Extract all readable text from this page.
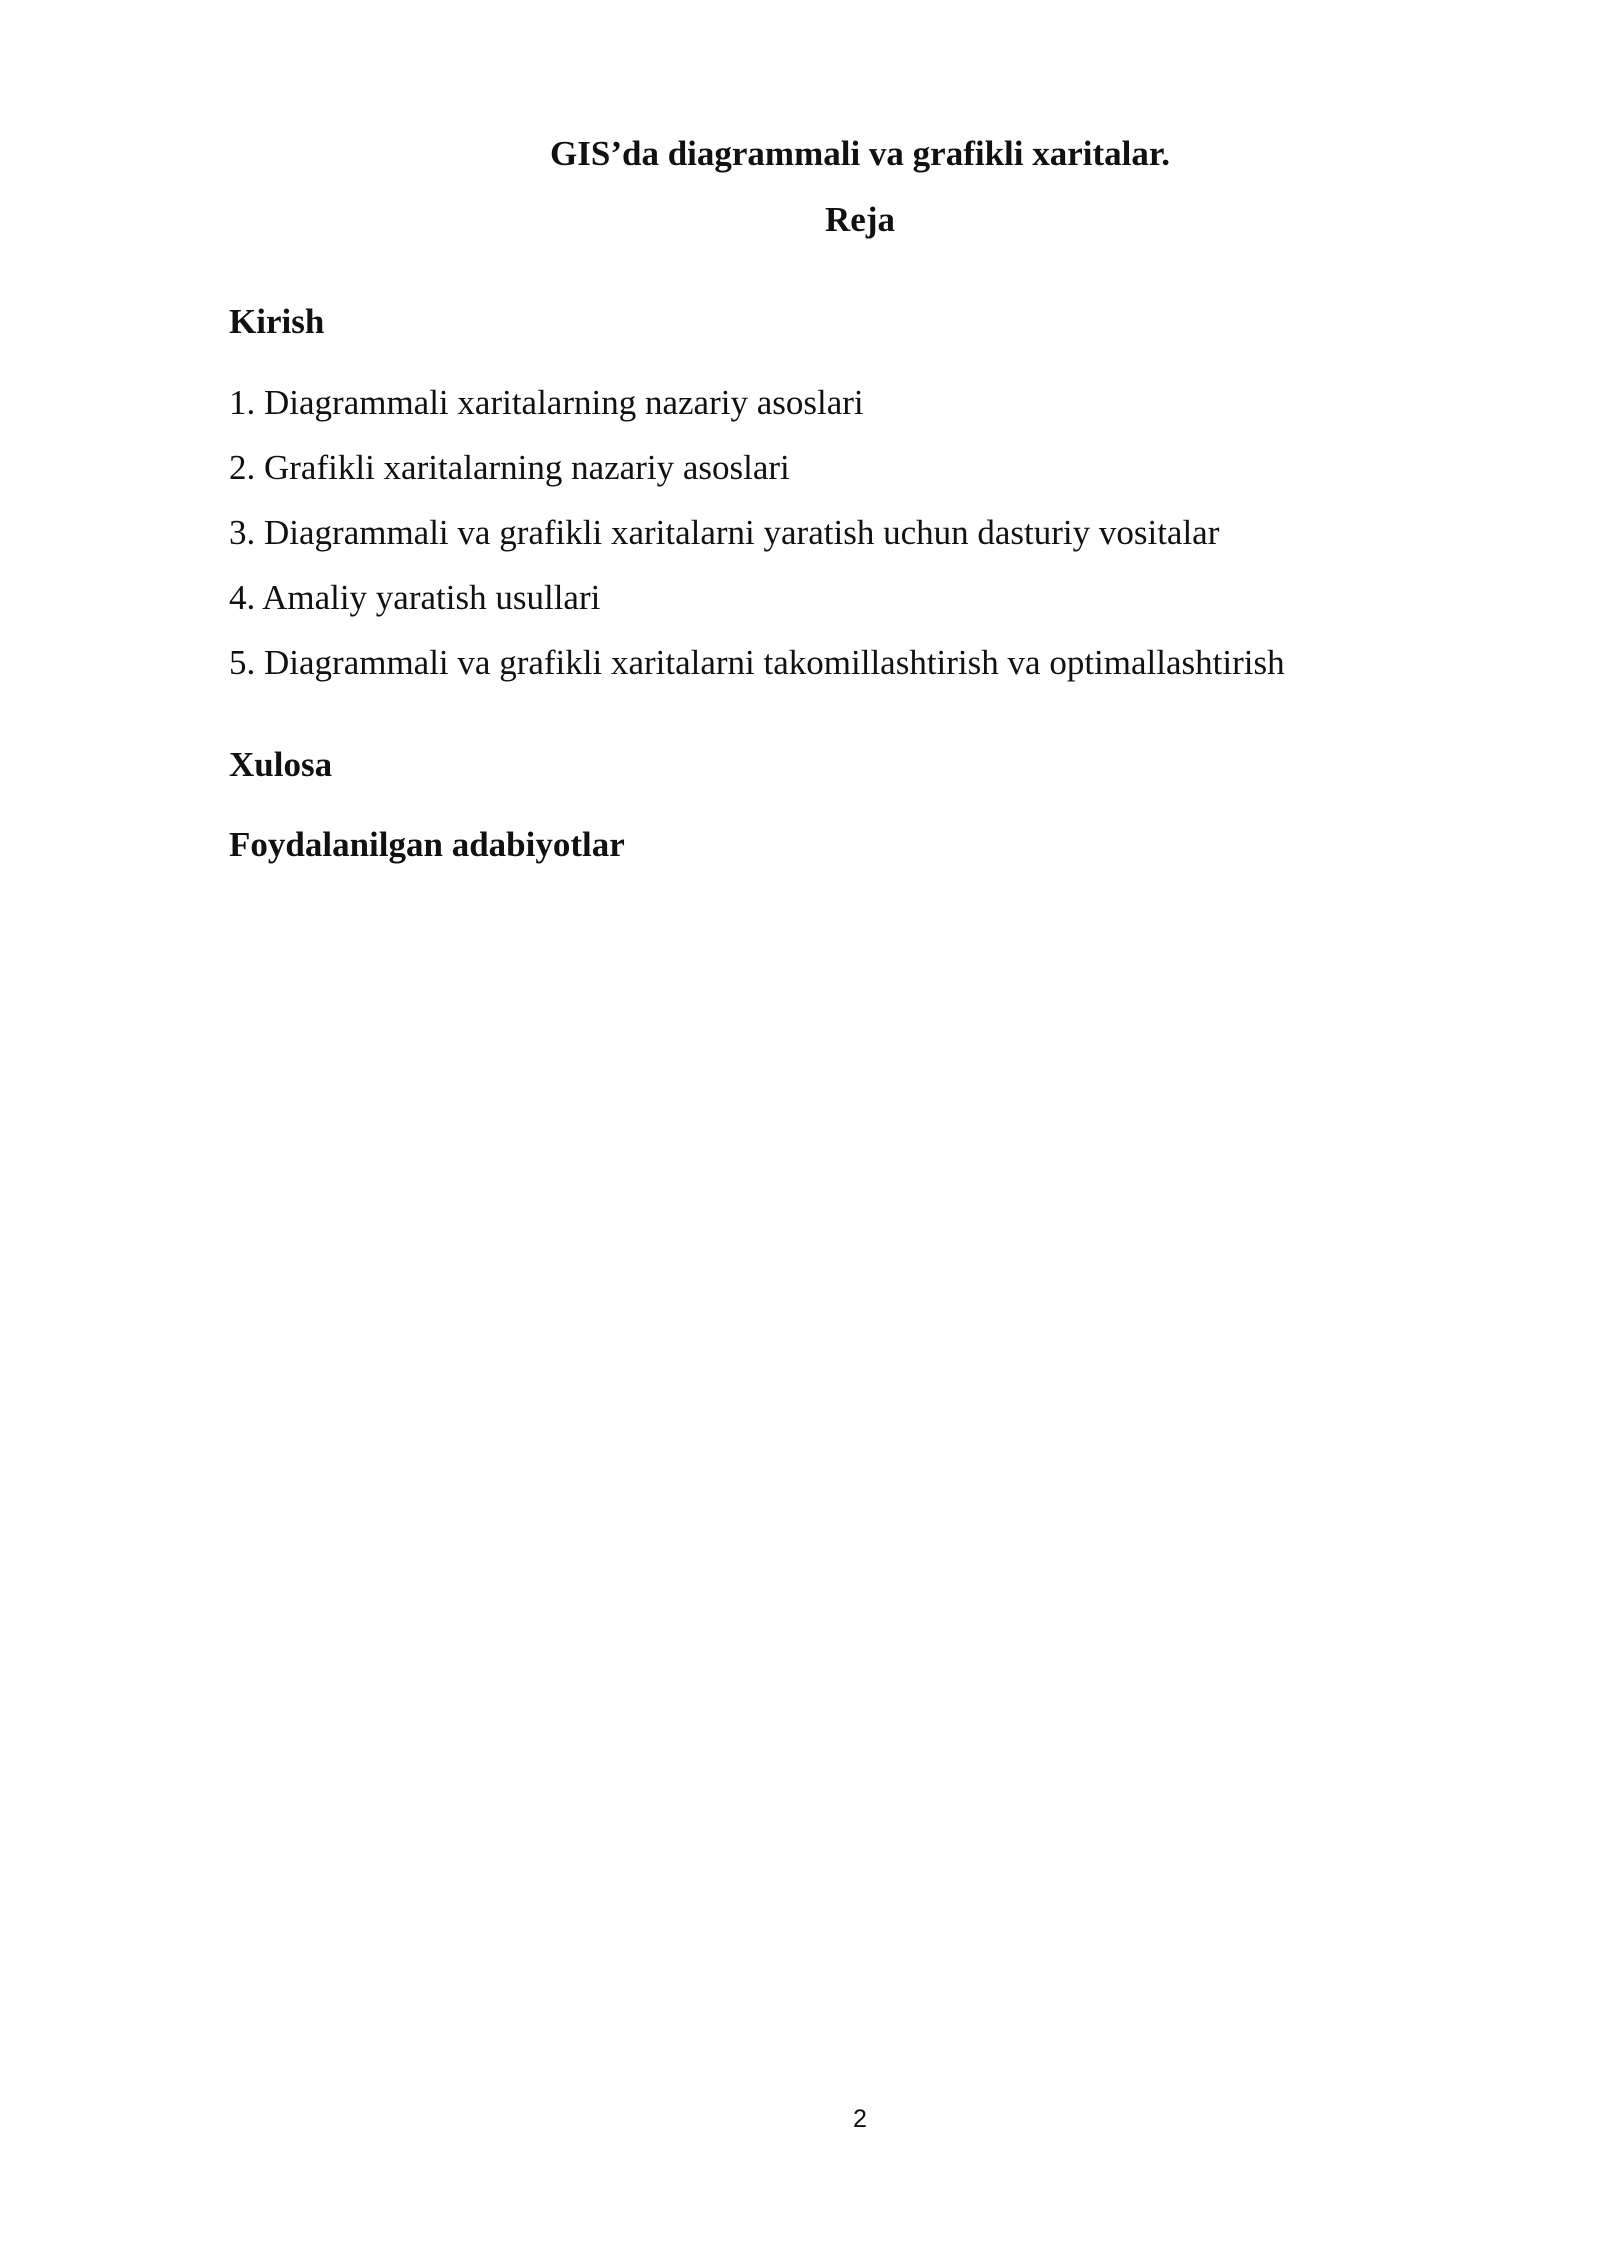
GIS’da diagrammali va grafikli xaritalar.
Reja
Kirish
1. Diagrammali xaritalarning nazariy asoslari
2. Grafikli xaritalarning nazariy asoslari
3. Diagrammali va grafikli xaritalarni yaratish uchun dasturiy vositalar
4. Amaliy yaratish usullari
5. Diagrammali va grafikli xaritalarni takomillashtirish va optimallashtirish
Xulosa
Foydalanilgan adabiyotlar
2
